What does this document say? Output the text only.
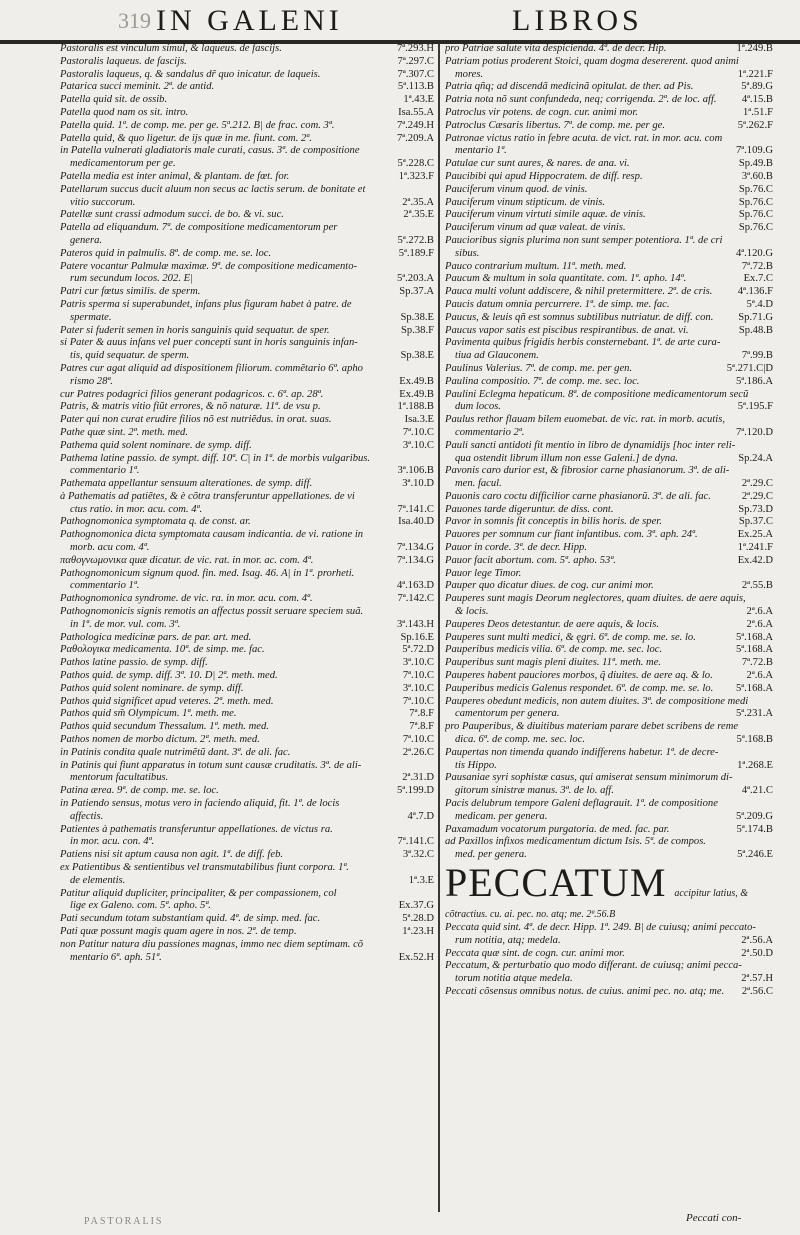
319 IN GALENI	LIBROS
7ª.293.H
Pastoralis est vinculum simul, & laqueus. de fascijs.
7ª.297.C
Pastoralis laqueus. de fascijs.
7ª.307.C
Pastoralis laqueus, q. & sandalus dr̃ quo inicatur. de laqueis.
5ª.113.B
Patarica succi meminit. 2ª. de antid.
1ª.43.E
Patella quid sit. de ossib.
Isa.55.A
Patella quod nam os sit. intro.
7ª.249.H
Patella quid. 1ª. de comp. me. per ge. 5ª.212. B| de frac. com. 3ª.
7ª.209.A
Patella quid, & quo ligetur. de ijs quæ in me. fiunt. com. 2ª.
in Patella vulnerati gladiatoris male curati, casus. 3ª. de compositione
5ª.228.C
medicamentorum per ge.
1ª.323.F
Patella media est inter animal, & plantam. de fœt. for.
Patellarum succus ducit aluum non secus ac lactis serum. de bonitate et
2ª.35.A
vitio succorum.
2ª.35.E
Patellæ sunt crassi admodum succi. de bo. & vi. suc.
Patella ad eliquandum. 7ª. de compositione medicamentorum per
5ª.272.B
genera.
5ª.189.F
Pateros quid in palmulis. 8ª. de comp. me. se. loc.
Patere vocantur Palmulæ maximæ. 9ª. de compositione medicamento-
5ª.203.A
rum secundum locos. 202. E|
Sp.37.A
Patri cur fœtus similis. de sperm.
Patris sperma si superabundet, infans plus figuram habet à patre. de
Sp.38.E
spermate.
Sp.38.F
Pater si fuderit semen in horis sanguinis quid sequatur. de sper.
si Pater & auus infans vel puer concepti sunt in horis sanguinis infan-
Sp.38.E
tis, quid sequatur. de sperm.
Patres cur agat aliquid ad dispositionem filiorum. commẽtario 6ª. apho
Ex.49.B
rismo 28ª.
Ex.49.B
cur Patres podagrici filios generant podagricos. c. 6ª. ap. 28ª.
1ª.188.B
Patris, & matris vitio fiũt errores, & nõ naturæ. 11ª. de vsu p.
Isa.3.E
Pater qui non curat erudire filios nõ est nutriẽdus. in orat. suas.
7ª.10.C
Pathe quæ sint. 2ª. meth. med.
3ª.10.C
Pathema quid solent nominare. de symp. diff.
Pathema latine passio. de sympt. diff. 10ª. C| in 1ª. de morbis vulgaribus.
3ª.106.B
commentario 1ª.
3ª.10.D
Pathemata appellantur sensuum alterationes. de symp. diff.
à Pathematis ad patiẽtes, & è cõtra transferuntur appellationes. de vi
7ª.141.C
ctus ratio. in mor. acu. com. 4ª.
Isa.40.D
Pathognomonica symptomata q. de const. ar.
Pathognomonica dicta symptomata causam indicantia. de vi. ratione in
7ª.134.G
morb. acu com. 4ª.
7ª.134.G
παθογνωμονικα quæ dicatur. de vic. rat. in mor. ac. com. 4ª.
Pathognomonicum signum quod. fin. med. Isag. 46. A| in 1ª. prorheti.
4ª.163.D
commentario 1ª.
7ª.142.C
Pathognomonica syndrome. de vic. ra. in mor. acu. com. 4ª.
Pathognomonicis signis remotis an affectus possit seruare speciem suã.
3ª.143.H
in 1ª. de mor. vul. com. 3ª.
Sp.16.E
Pathologica medicinæ pars. de par. art. med.
5ª.72.D
Pαθολογικα medicamenta. 10ª. de simp. me. fac.
3ª.10.C
Pathos latine passio. de symp. diff.
7ª.10.C
Pathos quid. de symp. diff. 3ª. 10. D| 2ª. meth. med.
3ª.10.C
Pathos quid solent nominare. de symp. diff.
7ª.10.C
Pathos quid significet apud veteres. 2ª. meth. med.
7ª.8.F
Pathos quid sm̃ Olympicum. 1ª. meth. me.
7ª.8.F
Pathos quid secundum Thessalum. 1ª. meth. med.
7ª.10.C
Pathos nomen de morbo dictum. 2ª. meth. med.
2ª.26.C
in Patinis condita quale nutrimẽtũ dant. 3ª. de ali. fac.
in Patinis qui fiunt apparatus in totum sunt causæ cruditatis. 3ª. de ali-
2ª.31.D
mentorum facultatibus.
5ª.199.D
Patina ærea. 9ª. de comp. me. se. loc.
in Patiendo sensus, motus vero in faciendo aliquid, fit. 1ª. de locis
4ª.7.D
affectis.
Patientes à pathematis transferuntur appellationes. de victus ra.
7ª.141.C
in mor. acu. con. 4ª.
3ª.32.C
Patiens nisi sit aptum causa non agit. 1ª. de diff. feb.
ex Patientibus & sentientibus vel transmutabilibus fiunt corpora. 1ª.
1ª.3.E
de elementis.
Patitur aliquid dupliciter, principaliter, & per compassionem, col
Ex.37.G
lige ex Galeno. com. 5ª. apho. 5ª.
5ª.28.D
Pati secundum totam substantiam quid. 4ª. de simp. med. fac.
1ª.23.H
Pati quæ possunt magis quam agere in nos. 2ª. de temp.
non Patitur natura diu passiones magnas, immo nec diem septimam. cõ
Ex.52.H
mentario 6ª. aph. 51ª.
1ª.249.B
pro Patriae salute vita despicienda. 4ª. de decr. Hip.
Patriam potius proderent Stoici, quam dogma desererent. quod animi
1ª.221.F
mores.
5ª.89.G
Patria qñq; ad discendã medicinã opitulat. de ther. ad Pis.
4ª.15.B
Patria nota nõ sunt confundeda, neq; corrigenda. 2ª. de loc. aff.
1ª.51.F
Patroclus vir potens. de cogn. cur. animi mor.
5ª.262.F
Patroclus Cæsaris libertus. 7ª. de comp. me. per ge.
Patronae victus ratio in febre acuta. de vict. rat. in mor. acu. com
7ª.109.G
mentario 1ª.
Sp.49.B
Patulae cur sunt aures, & nares. de ana. vi.
3ª.60.B
Paucibibi qui apud Hippocratem. de diff. resp.
Sp.76.C
Pauciferum vinum quod. de vinis.
Sp.76.C
Pauciferum vinum stipticum. de vinis.
Sp.76.C
Pauciferum vinum virtuti simile aquæ. de vinis.
Sp.76.C
Pauciferum vinum ad quæ valeat. de vinis.
Paucioribus signis plurima non sunt semper potentiora. 1ª. de cri
4ª.120.G
sibus.
7ª.72.B
Pauco contrarium multum. 11ª. meth. med.
Ex.7.C
Paucum & multum in sola quantitate. com. 1ª. apho. 14ª.
4ª.136.F
Pauca multi volunt addiscere, & nihil pretermittere. 2ª. de cris.
5ª.4.D
Paucis datum omnia percurrere. 1ª. de simp. me. fac.
Sp.71.G
Paucus, & leuis qñ est somnus subtilibus nutriatur. de diff. con.
Sp.48.B
Paucus vapor satis est piscibus respirantibus. de anat. vi.
Pavimenta quibus frigidis herbis consternebant. 1ª. de arte cura-
7ª.99.B
tiua ad Glauconem.
5ª.271.C|D
Paulinus Valerius. 7ª. de comp. me. per gen.
5ª.186.A
Paulina compositio. 7ª. de comp. me. sec. loc.
Paulini Eclegma hepaticum. 8ª. de compositione medicamentorum secũ
5ª.195.F
dum locos.
Paulus rethor flauam bilem euomebat. de vic. rat. in morb. acutis,
7ª.120.D
commentario 2ª.
Pauli sancti antidoti fit mentio in libro de dynamidijs [hoc inter reli-
Sp.24.A
qua ostendit librum illum non esse Galeni.] de dyna.
Pavonis caro durior est, & fibrosior carne phasianorum. 3ª. de ali-
2ª.29.C
men. facul.
2ª.29.C
Pauonis caro coctu difficilior carne phasianorũ. 3ª. de ali. fac.
Sp.73.D
Pauones tarde digeruntur. de diss. cont.
Sp.37.C
Pavor in somnis fit conceptis in bilis horis. de sper.
Ex.25.A
Pauores per somnum cur fiant infantibus. com. 3ª. aph. 24ª.
1ª.241.F
Pauor in corde. 3ª. de decr. Hipp.
Ex.42.D
Pauor facit abortum. com. 5ª. apho. 53ª.
Pauor lege Timor.
2ª.55.B
Pauper quo dicatur diues. de cog. cur animi mor.
Pauperes sunt magis Deorum neglectores, quam diuites. de aere aquis,
2ª.6.A
& locis.
2ª.6.A
Pauperes Deos detestantur. de aere aquis, & locis.
5ª.168.A
Pauperes sunt multi medici, & ęgri. 6ª. de comp. me. se. lo.
5ª.168.A
Pauperibus medicis vilia. 6ª. de comp. me. sec. loc.
7ª.72.B
Pauperibus sunt magis pleni diuites. 11ª. meth. me.
2ª.6.A
Pauperes habent pauciores morbos, q̃ diuites. de aere aq. & lo.
5ª.168.A
Pauperibus medicis Galenus respondet. 6ª. de comp. me. se. lo.
Pauperes obedunt medicis, non autem diuites. 3ª. de compositione medi
5ª.231.A
camentorum per genera.
pro Pauperibus, & diuitibus materiam parare debet scribens de reme
5ª.168.B
dica. 6ª. de comp. me. sec. loc.
Paupertas non timenda quando indifferens habetur. 1ª. de decre-
1ª.268.E
tis Hippo.
Pausaniae syri sophistæ casus, qui amiserat sensum minimorum di-
4ª.21.C
gitorum sinistræ manus. 3ª. de lo. aff.
Pacis delubrum tempore Galeni deflagrauit. 1ª. de compositione
5ª.209.G
medicam. per genera.
5ª.174.B
Paxamadum vocatorum purgatoria. de med. fac. par.
ad Paxillos infixos medicamentum dictum Isis. 5ª. de compos.
5ª.246.E
med. per genera.
PECCATUM accipitur latius, & cõtractius. cu. ai. pec. no. atq; me. 2ª.56.B
Peccata quid sint. 4ª. de decr. Hipp. 1ª. 249. B| de cuiusq; animi peccato-
2ª.56.A
rum notitia, atq; medela.
2ª.50.D
Peccata quæ sint. de cogn. cur. animi mor.
Peccatum, & perturbatio quo modo differant. de cuiusq; animi pecca-
2ª.57.H
torum notitia atque medela.
2ª.56.C
Peccati cõsensus omnibus notus. de cuius. animi pec. no. atq; me.
PASTORALIS	Peccati con-
